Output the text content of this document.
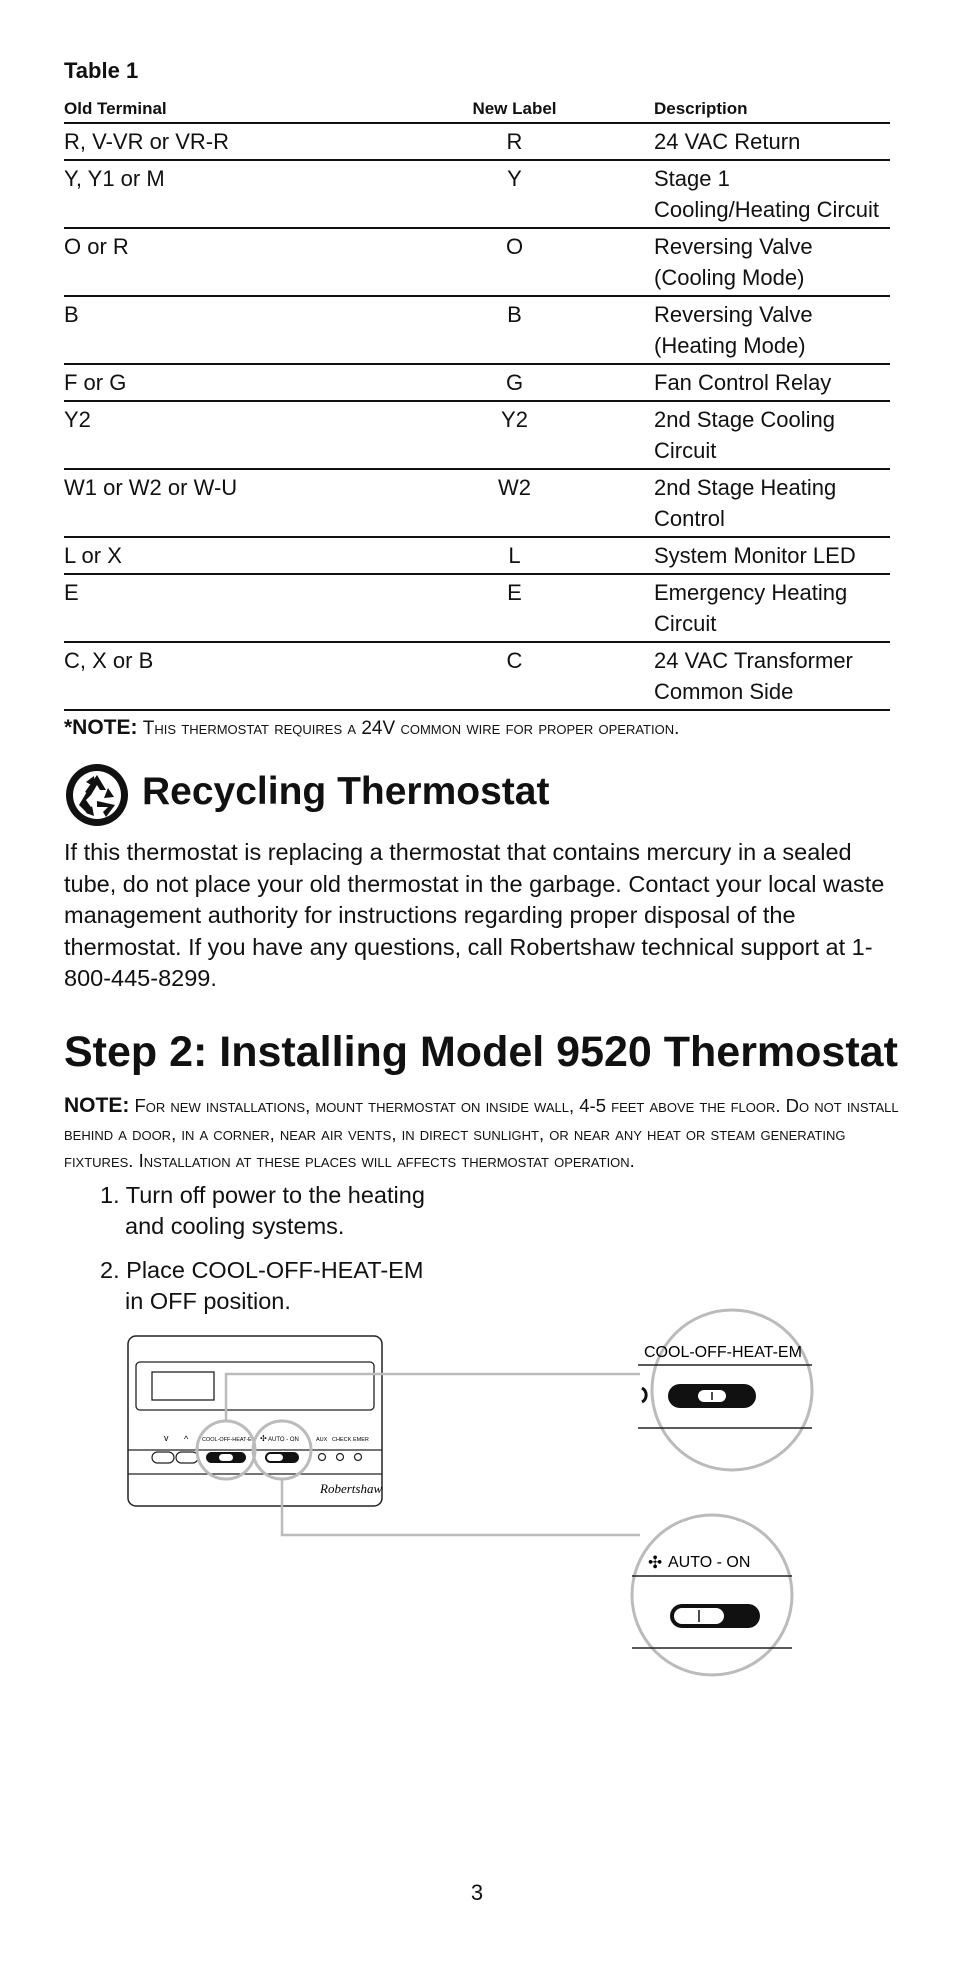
Table 1
Old Terminal	New Label	Description
R, V-VR or VR-R	R	24 VAC Return
Y, Y1 or M	Y	Stage 1 Cooling/Heating Circuit
O or R	O	Reversing Valve (Cooling Mode)
B	B	Reversing Valve (Heating Mode)
F or G	G	Fan Control Relay
Y2	Y2	2nd Stage Cooling Circuit
W1 or W2 or W-U	W2	2nd Stage Heating Control
L or X	L	System Monitor LED
E	E	Emergency Heating Circuit
C, X or B	C	24 VAC Transformer Common Side
*NOTE: This thermostat requires a 24V common wire for proper operation.
Recycling Thermostat
If this thermostat is replacing a thermostat that contains mercury in a sealed tube, do not place your old thermostat in the garbage. Contact your local waste management authority for instructions regarding proper disposal of the thermostat. If you have any questions, call Robertshaw technical support at 1-800-445-8299.
Step 2: Installing Model 9520 Thermostat
NOTE: For new installations, mount thermostat on inside wall, 4-5 feet above the floor. Do not install behind a door, in a corner, near air vents, in direct sunlight, or near any heat or steam generating fixtures. Installation at these places will affects thermostat operation.
1. Turn off power to the heating
and cooling systems.
2. Place COOL-OFF-HEAT-EM
in OFF position.
v ^	COOL-OFF-HEAT-EM AUTO - ON
✣	AUX CHECK EMER
Robertshaw
COOL-OFF-HEAT-EM
✣ AUTO - ON
3
